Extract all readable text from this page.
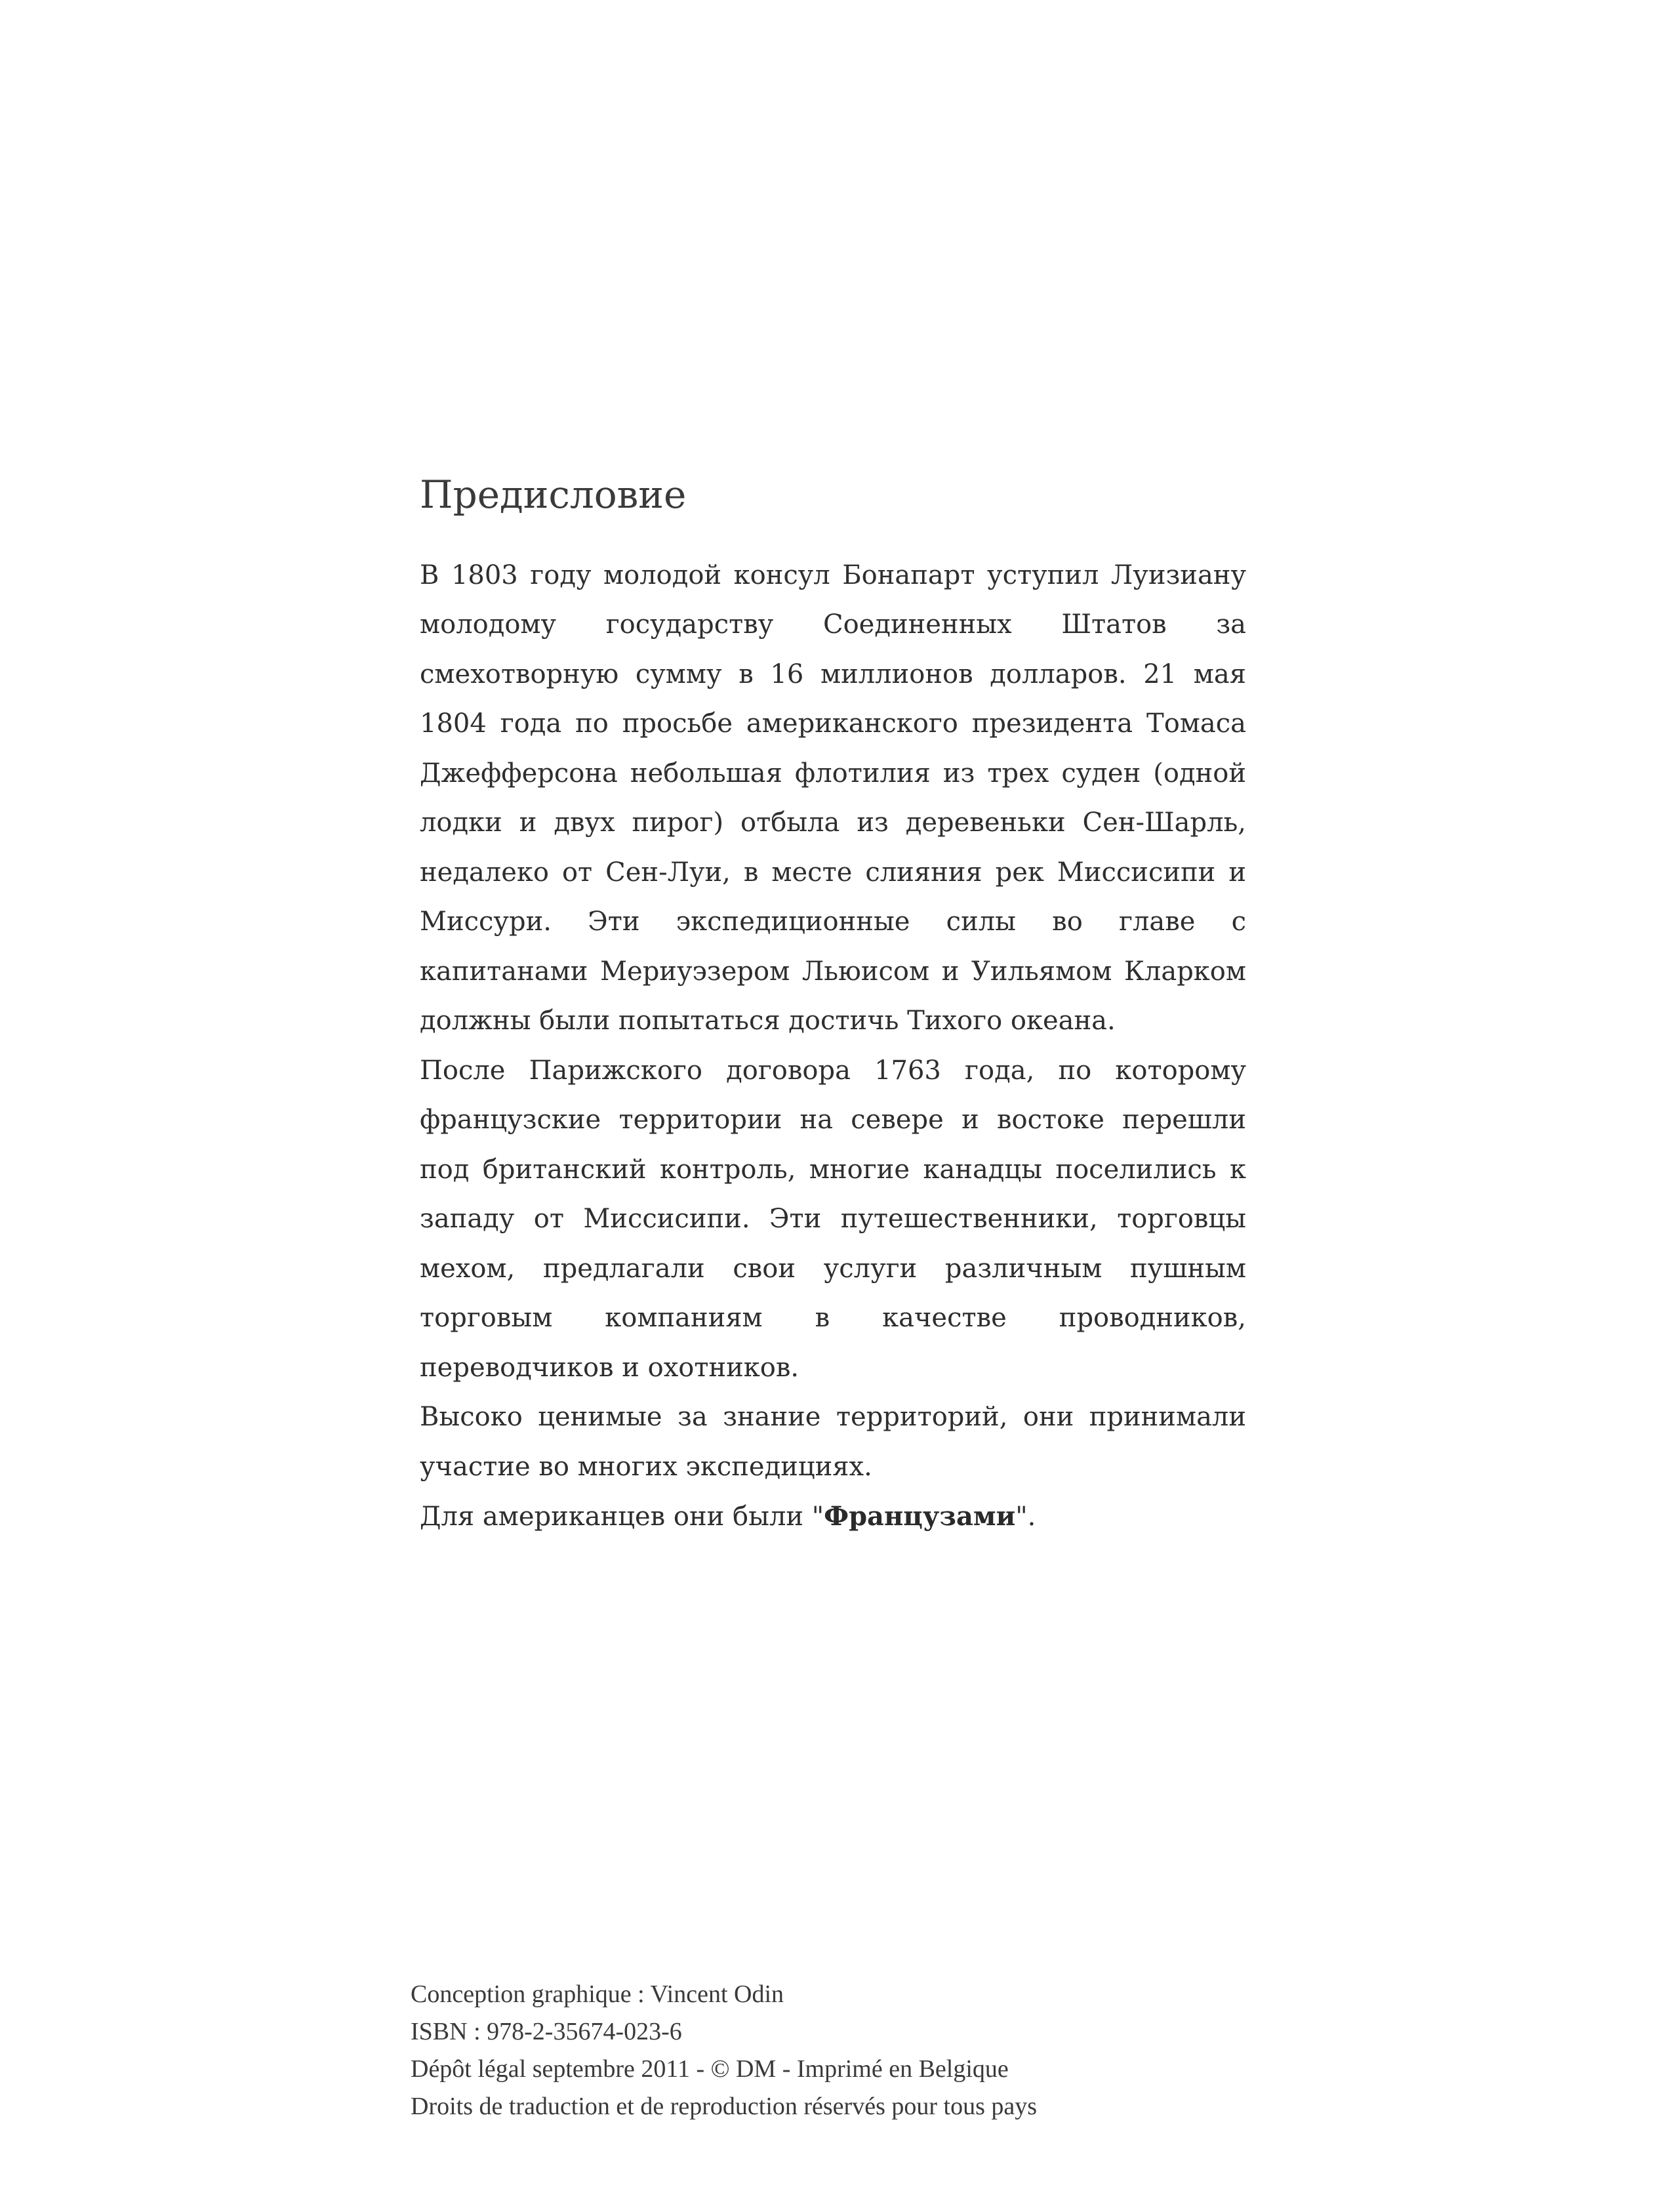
Предисловие

В 1803 году молодой консул Бонапарт уступил Луизиану молодому государству Соединенных Штатов за смехотворную сумму в 16 миллионов долларов. 21 мая 1804 года по просьбе американского президента Томаса Джефферсона небольшая флотилия из трех суден (одной лодки и двух пирог) отбыла из деревеньки Сен-Шарль, недалеко от Сен-Луи, в месте слияния рек Миссисипи и Миссури. Эти экспедиционные силы во главе с капитанами Мериуэзером Льюисом и Уильямом Кларком должны были попытаться достичь Тихого океана.

После Парижского договора 1763 года, по которому французские территории на севере и востоке перешли под британский контроль, многие канадцы поселились к западу от Миссисипи. Эти путешественники, торговцы мехом, предлагали свои услуги различным пушным торговым компаниям в качестве проводников, переводчиков и охотников.

Высоко ценимые за знание территорий, они принимали участие во многих экспедициях.

Для американцев они были "Французами".

Conception graphique : Vincent Odin
ISBN : 978-2-35674-023-6
Dépôt légal septembre 2011 - © DM - Imprimé en Belgique
Droits de traduction et de reproduction réservés pour tous pays
